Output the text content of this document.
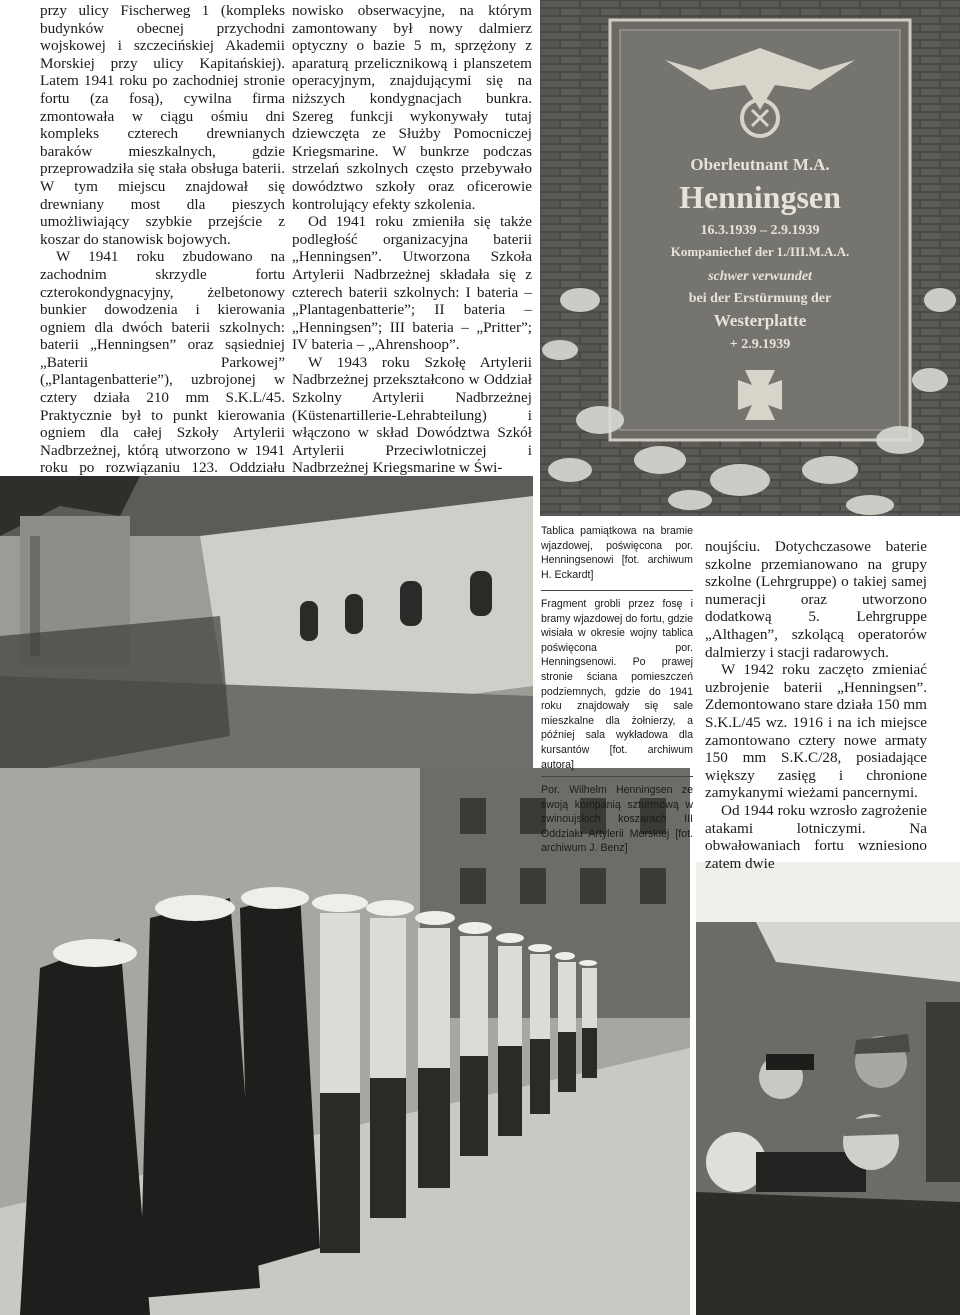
przy ulicy Fischerweg 1 (kompleks budynków obecnej przychodni wojskowej i szczecińskiej Akademii Morskiej przy ulicy Kapitańskiej). Latem 1941 roku po zachodniej stronie fortu (za fosą), cywilna firma zmontowała w ciągu ośmiu dni kompleks czterech drewnianych baraków mieszkalnych, gdzie przeprowadziła się stała obsługa baterii. W tym miejscu znajdował się drewniany most dla pieszych umożliwiający szybkie przejście z koszar do stanowisk bojowych.

W 1941 roku zbudowano na zachodnim skrzydle fortu czterokondygnacyjny, żelbetonowy bunkier dowodzenia i kierowania ogniem dla dwóch baterii szkolnych: baterii „Henningsen” oraz sąsiedniej „Baterii Parkowej” („Plantagenbatterie”), uzbrojonej w cztery działa 210 mm S.K.L/45. Praktycznie był to punkt kierowania ogniem dla całej Szkoły Artylerii Nadbrzeżnej, którą utworzono w 1941 roku po rozwiązaniu 123. Oddziału

nowisko obserwacyjne, na którym zamontowany był nowy dalmierz optyczny o bazie 5 m, sprzężony z aparaturą przelicznikową i planszetem operacyjnym, znajdującymi się na niższych kondygnacjach bunkra. Szereg funkcji wykonywały tutaj dziewczęta ze Służby Pomocniczej Kriegsmarine. W bunkrze podczas strzelań szkolnych często przebywało dowództwo szkoły oraz oficerowie kontrolujący efekty szkolenia.

Od 1941 roku zmieniła się także podległość organizacyjna baterii „Henningsen”. Utworzona Szkoła Artylerii Nadbrzeżnej składała się z czterech baterii szkolnych: I bateria – „Plantagenbatterie”; II bateria – „Henningsen”; III bateria – „Pritter”; IV bateria – „Ahrenshoop”.

W 1943 roku Szkołę Artylerii Nadbrzeżnej przekształcono w Oddział Szkolny Artylerii Nadbrzeżnej (Küstenartillerie-Lehrabteilung) i włączono w skład Dowództwa Szkół Artylerii Przeciwlotniczej i Nadbrzeżnej Kriegsmarine w Świ-

Oberleutnant M.A.
Henningsen
16.3.1939 – 2.9.1939
Kompaniechef der 1./III.M.A.A.
schwer verwundet
bei der Erstürmung der
Westerplatte
+ 2.9.1939
Tablica pamiątkowa na bramie wjazdowej, poświęcona por. Henningsenowi [fot. archiwum H. Eckardt]
Fragment grobli przez fosę i bramy wjazdowej do fortu, gdzie wisiała w okresie wojny tablica poświęcona por. Henningsenowi. Po prawej stronie ściana pomieszczeń podziemnych, gdzie do 1941 roku znajdowały się sale mieszkalne dla żołnierzy, a później sala wykładowa dla kursantów [fot. archiwum autora]
Por. Wilhelm Henningsen ze swoją kompanią szturmową w świnoujskich koszarach III Oddziału Artylerii Morskiej [fot. archiwum J. Benz]

noujściu. Dotychczasowe baterie szkolne przemianowano na grupy szkolne (Lehrgruppe) o takiej samej numeracji oraz utworzono dodatkową 5. Lehrgruppe „Althagen”, szkolącą operatorów dalmierzy i stacji radarowych.

W 1942 roku zaczęto zmieniać uzbrojenie baterii „Henningsen”. Zdemontowano stare działa 150 mm S.K.L/45 wz. 1916 i na ich miejsce zamontowano cztery nowe armaty 150 mm S.K.C/28, posiadające większy zasięg i chronione zamykanymi wieżami pancernymi.

Od 1944 roku wzrosło zagrożenie atakami lotniczymi. Na obwałowaniach fortu wzniesiono zatem dwie
